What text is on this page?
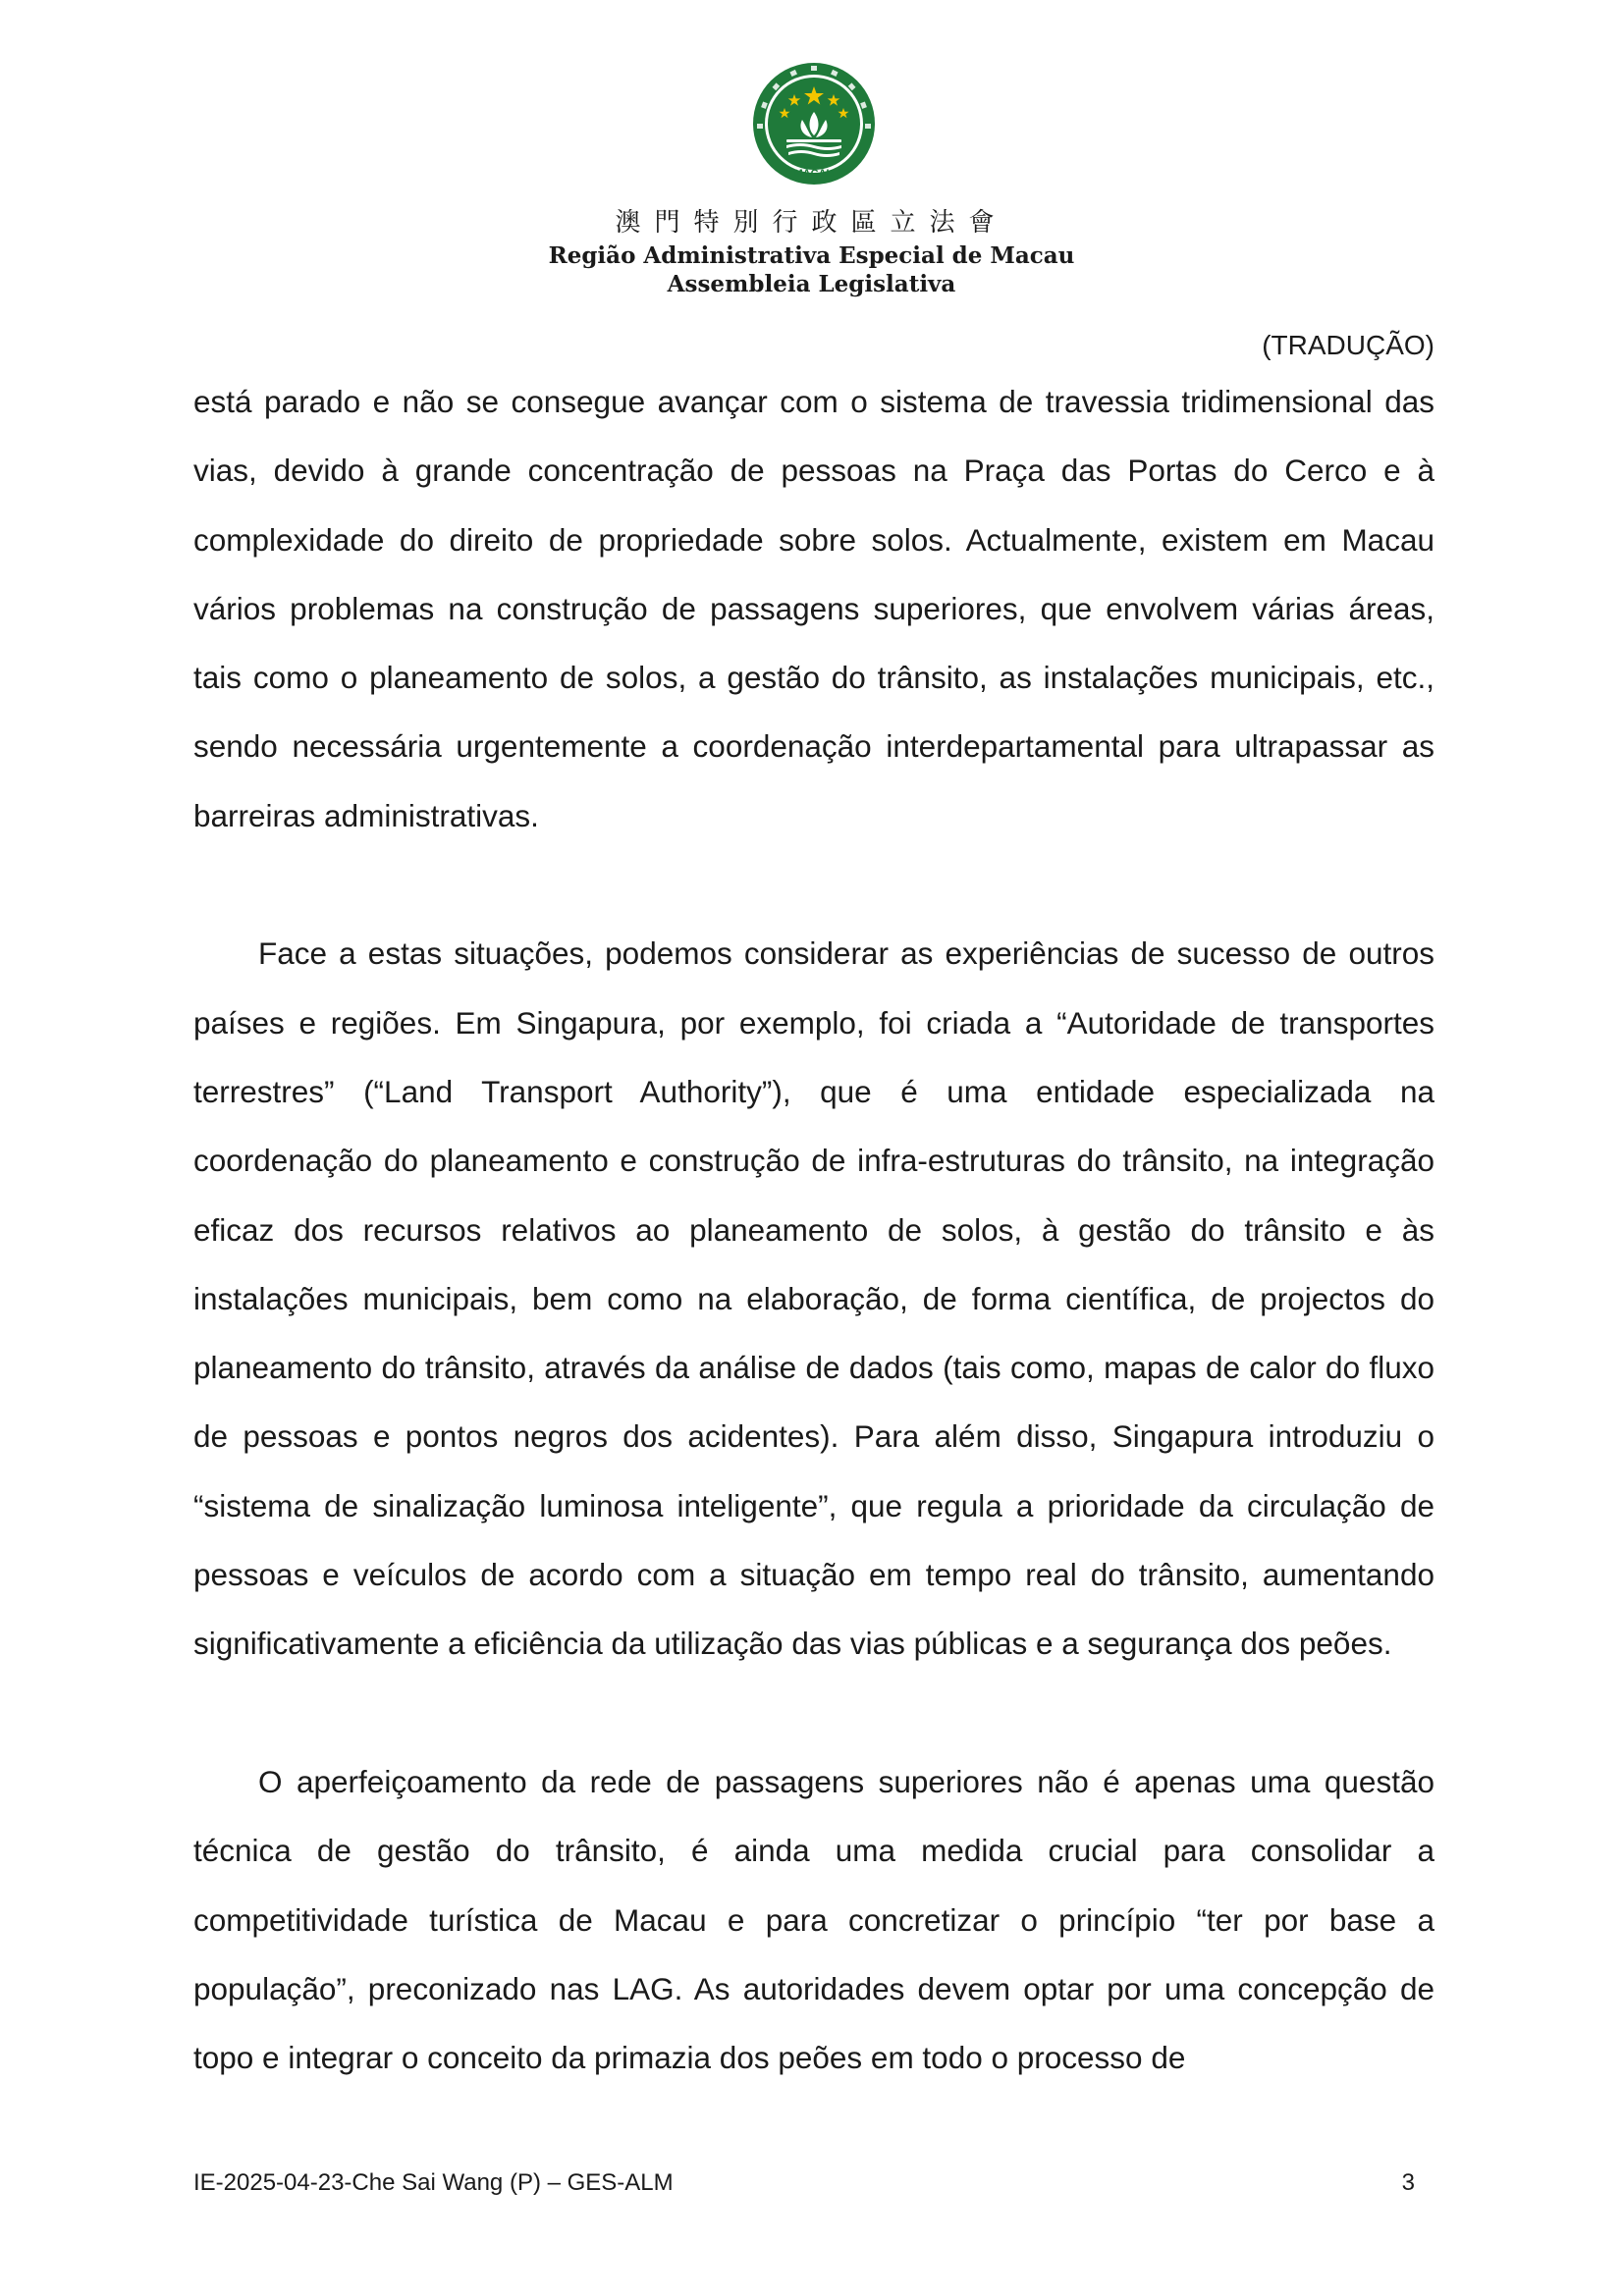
MACAU
澳門特別行政區立法會
Região Administrativa Especial de Macau
Assembleia Legislativa
(TRADUÇÃO)

está parado e não se consegue avançar com o sistema de travessia tridimensional das vias, devido à grande concentração de pessoas na Praça das Portas do Cerco e à complexidade do direito de propriedade sobre solos. Actualmente, existem em Macau vários problemas na construção de passagens superiores, que envolvem várias áreas, tais como o planeamento de solos, a gestão do trânsito, as instalações municipais, etc., sendo necessária urgentemente a coordenação interdepartamental para ultrapassar as barreiras administrativas.

Face a estas situações, podemos considerar as experiências de sucesso de outros países e regiões. Em Singapura, por exemplo, foi criada a “Autoridade de transportes terrestres” (“Land Transport Authority”), que é uma entidade especializada na coordenação do planeamento e construção de infra-estruturas do trânsito, na integração eficaz dos recursos relativos ao planeamento de solos, à gestão do trânsito e às instalações municipais, bem como na elaboração, de forma científica, de projectos do planeamento do trânsito, através da análise de dados (tais como, mapas de calor do fluxo de pessoas e pontos negros dos acidentes). Para além disso, Singapura introduziu o “sistema de sinalização luminosa inteligente”, que regula a prioridade da circulação de pessoas e veículos de acordo com a situação em tempo real do trânsito, aumentando significativamente a eficiência da utilização das vias públicas e a segurança dos peões.

O aperfeiçoamento da rede de passagens superiores não é apenas uma questão técnica de gestão do trânsito, é ainda uma medida crucial para consolidar a competitividade turística de Macau e para concretizar o princípio “ter por base a população”, preconizado nas LAG. As autoridades devem optar por uma concepção de topo e integrar o conceito da primazia dos peões em todo o processo de

IE-2025-04-23-Che Sai Wang (P) – GES-ALM	3
